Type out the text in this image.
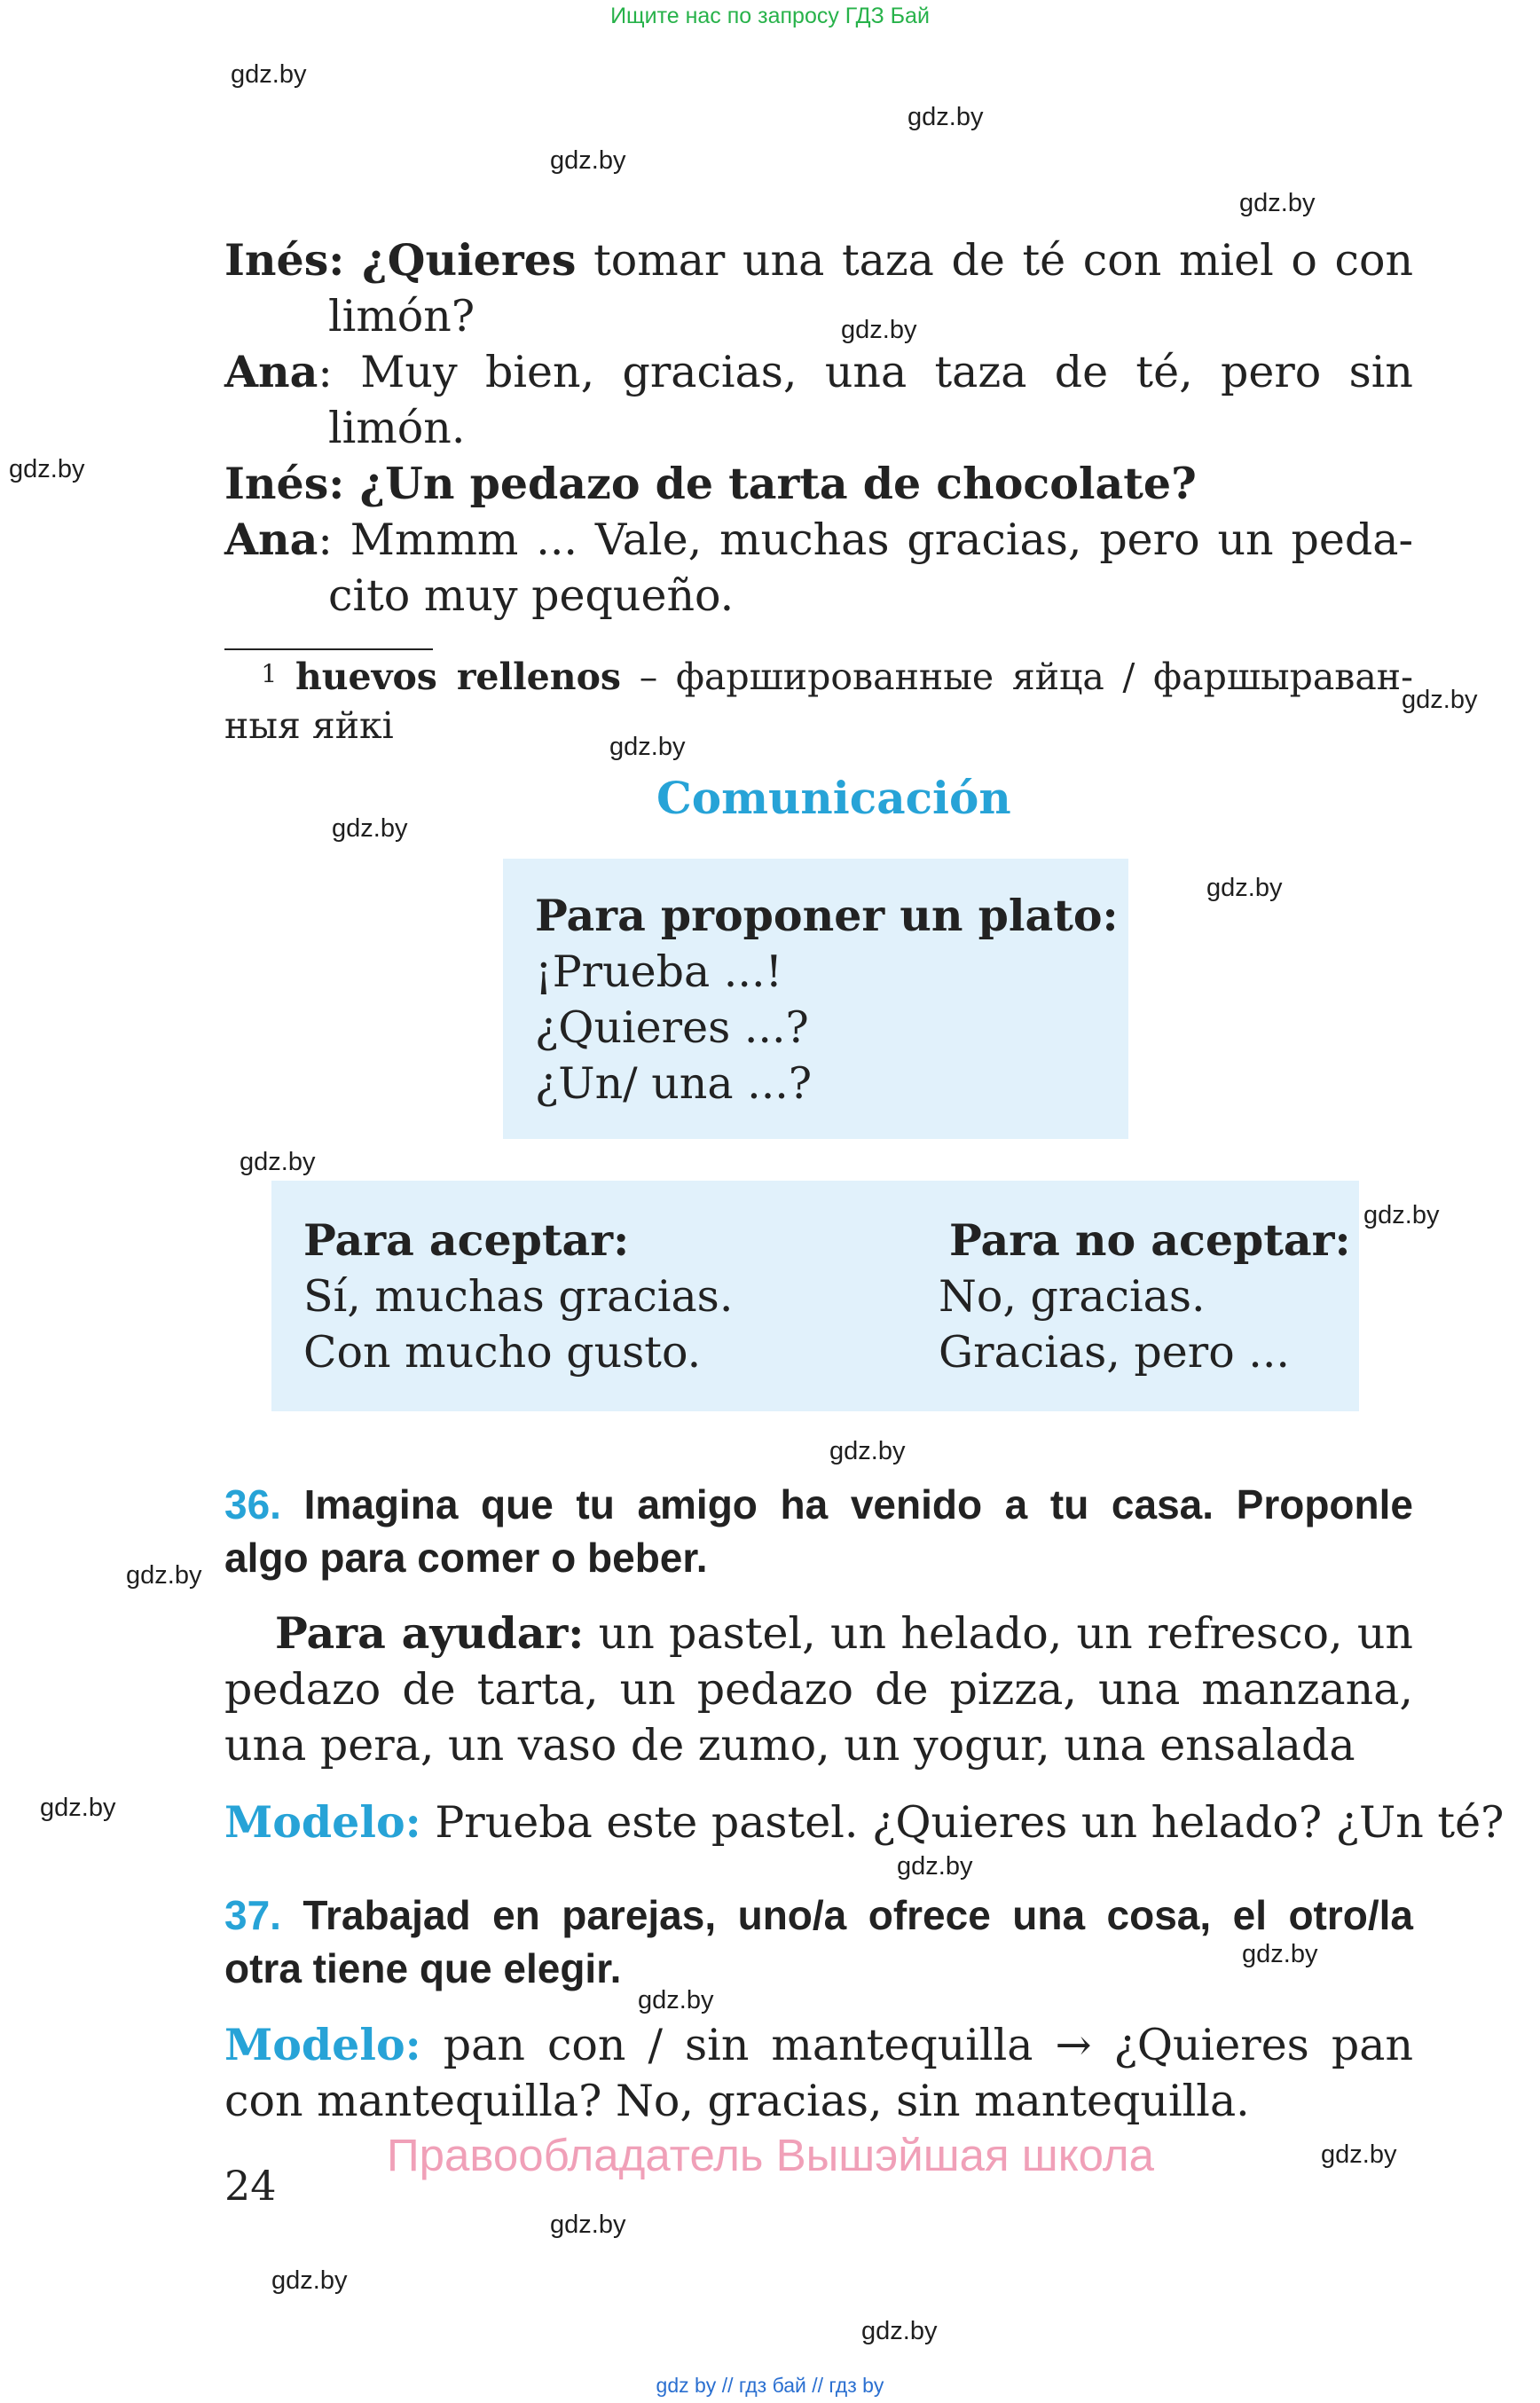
Ищите нас по запросу ГДЗ Бай
gdz.by
gdz.by
gdz.by
gdz.by
gdz.by
gdz.by
gdz.by
gdz.by
gdz.by
gdz.by
gdz.by
gdz.by
gdz.by
gdz.by
gdz.by
gdz.by
gdz.by
gdz.by
gdz.by
gdz.by
gdz.by
gdz.by
Inés: ¿Quieres tomar una taza de té con miel o con
limón?
Ana: Muy bien, gracias, una taza de té, pero sin
limón.
Inés: ¿Un pedazo de tarta de chocolate?
Ana: Mmmm ... Vale, muchas gracias, pero un peda-
cito muy pequeño.
$^1$ huevos rellenos – фаршированные яйца / фаршыраван-
ныя яйкі
Comunicación
Para proponer un plato:
¡Prueba ...!
¿Quieres ...?
¿Un/ una ...?
Para aceptar:
Sí, muchas gracias.
Con mucho gusto.
Para no aceptar:
No, gracias.
Gracias, pero ...
36. Imagina que tu amigo ha venido a tu casa. Proponle
algo para comer o beber.
Para ayudar: un pastel, un helado, un refresco, un
pedazo de tarta, un pedazo de pizza, una manzana,
una pera, un vaso de zumo, un yogur, una ensalada
Modelo: Prueba este pastel. ¿Quieres un helado? ¿Un té?
37. Trabajad en parejas, uno/a ofrece una cosa, el otro/la
otra tiene que elegir.
Modelo: pan con / sin mantequilla → ¿Quieres pan
con mantequilla? No, gracias, sin mantequilla.
Правообладатель Вышэйшая школа
24
gdz by // гдз бай // гдз by
